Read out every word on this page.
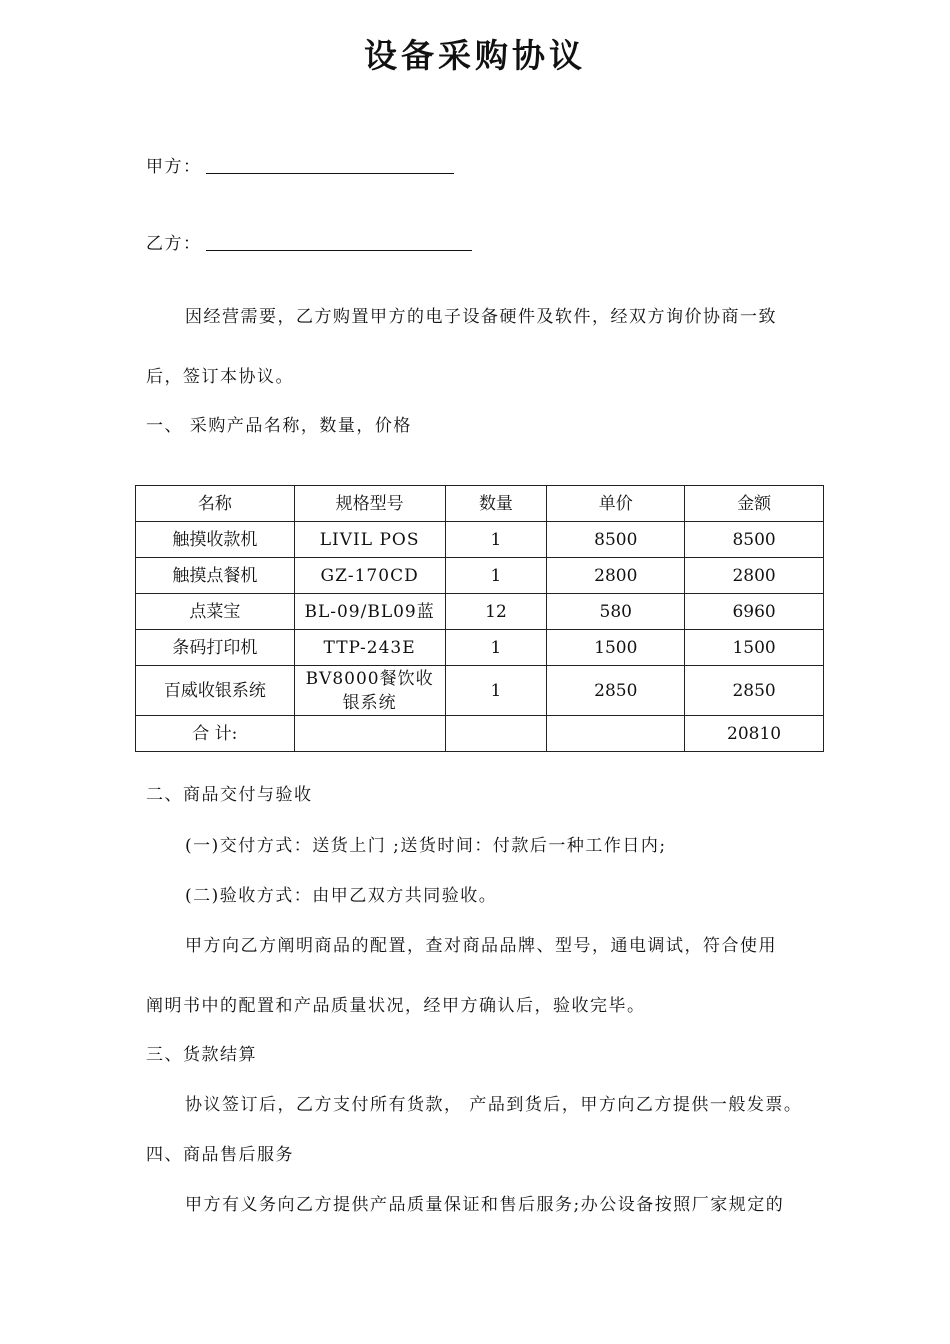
设备采购协议
甲方：
乙方：
因经营需要，乙方购置甲方的电子设备硬件及软件，经双方询价协商一致
后，签订本协议。
一、 采购产品名称，数量，价格
名称	规格型号	数量	单价	金额
触摸收款机	LIVIL POS	1	8500	8500
触摸点餐机	GZ-170CD	1	2800	2800
点菜宝	BL-09/BL09蓝	12	580	6960
条码打印机	TTP-243E	1	1500	1500
百威收银系统	BV8000餐饮收银系统	1	2850	2850
合 计:				20810
二、商品交付与验收
(一)交付方式：送货上门 ;送货时间：付款后一种工作日内;
(二)验收方式：由甲乙双方共同验收。
甲方向乙方阐明商品的配置，查对商品品牌、型号，通电调试，符合使用
阐明书中的配置和产品质量状况，经甲方确认后，验收完毕。
三、货款结算
协议签订后，乙方支付所有货款， 产品到货后，甲方向乙方提供一般发票。
四、商品售后服务
甲方有义务向乙方提供产品质量保证和售后服务;办公设备按照厂家规定的
